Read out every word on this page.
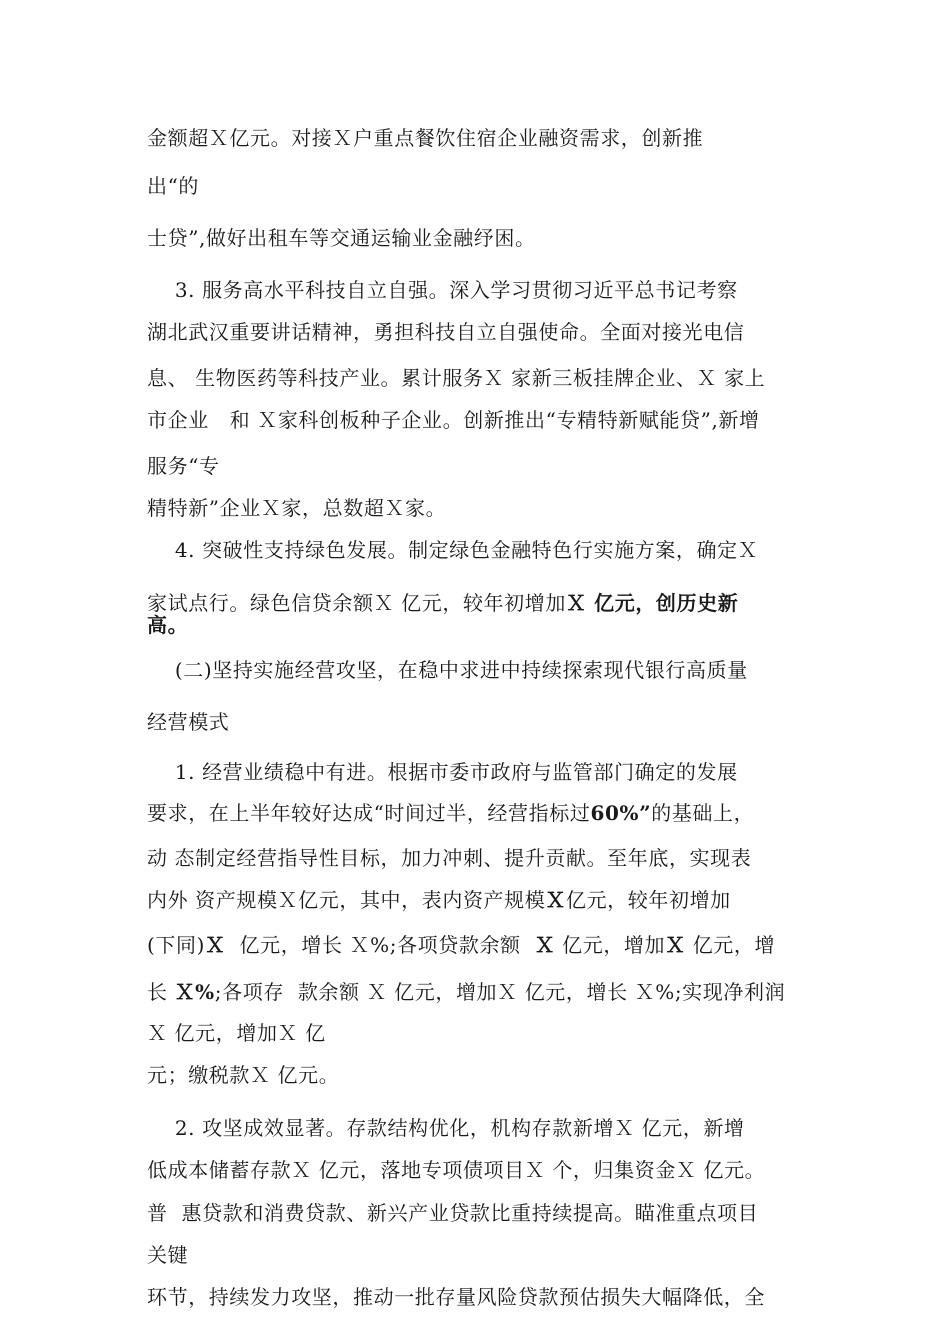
金额超Ｘ亿元。对接Ｘ户重点餐饮住宿企业融资需求，创新推
出“的
士贷”,做好出租车等交通运输业金融纾困。
3. 服务高水平科技自立自强。深入学习贯彻习近平总书记考察
湖北武汉重要讲话精神，勇担科技自立自强使命。全面对接光电信
息、 生物医药等科技产业。累计服务Ｘ 家新三板挂牌企业、Ｘ 家上
市企业   和 Ｘ家科创板种子企业。创新推出“专精特新赋能贷”,新增
服务“专
精特新”企业Ｘ家，总数超Ｘ家。
4. 突破性支持绿色发展。制定绿色金融特色行实施方案，确定Ｘ
家试点行。绿色信贷余额Ｘ 亿元，较年初增加Ｘ 亿元，创历史新
高。
(二)坚持实施经营攻坚，在稳中求进中持续探索现代银行高质量
经营模式
1. 经营业绩稳中有进。根据市委市政府与监管部门确定的发展
要求，在上半年较好达成“时间过半，经营指标过60%”的基础上，
动 态制定经营指导性目标，加力冲刺、提升贡献。至年底，实现表
内外 资产规模Ｘ亿元，其中，表内资产规模Ｘ亿元，较年初增加
(下同)Ｘ  亿元，增长 Ｘ%;各项贷款余额  Ｘ 亿元，增加Ｘ 亿元，增
长 Ｘ%;各项存  款余额 Ｘ 亿元，增加Ｘ 亿元，增长 Ｘ%;实现净利润
Ｘ 亿元，增加Ｘ 亿
元；缴税款Ｘ 亿元。
2. 攻坚成效显著。存款结构优化，机构存款新增Ｘ 亿元，新增
低成本储蓄存款Ｘ 亿元，落地专项债项目Ｘ 个，归集资金Ｘ 亿元。
普  惠贷款和消费贷款、新兴产业贷款比重持续提高。瞄准重点项目
关键
环节，持续发力攻坚，推动一批存量风险贷款预估损失大幅降低，全
